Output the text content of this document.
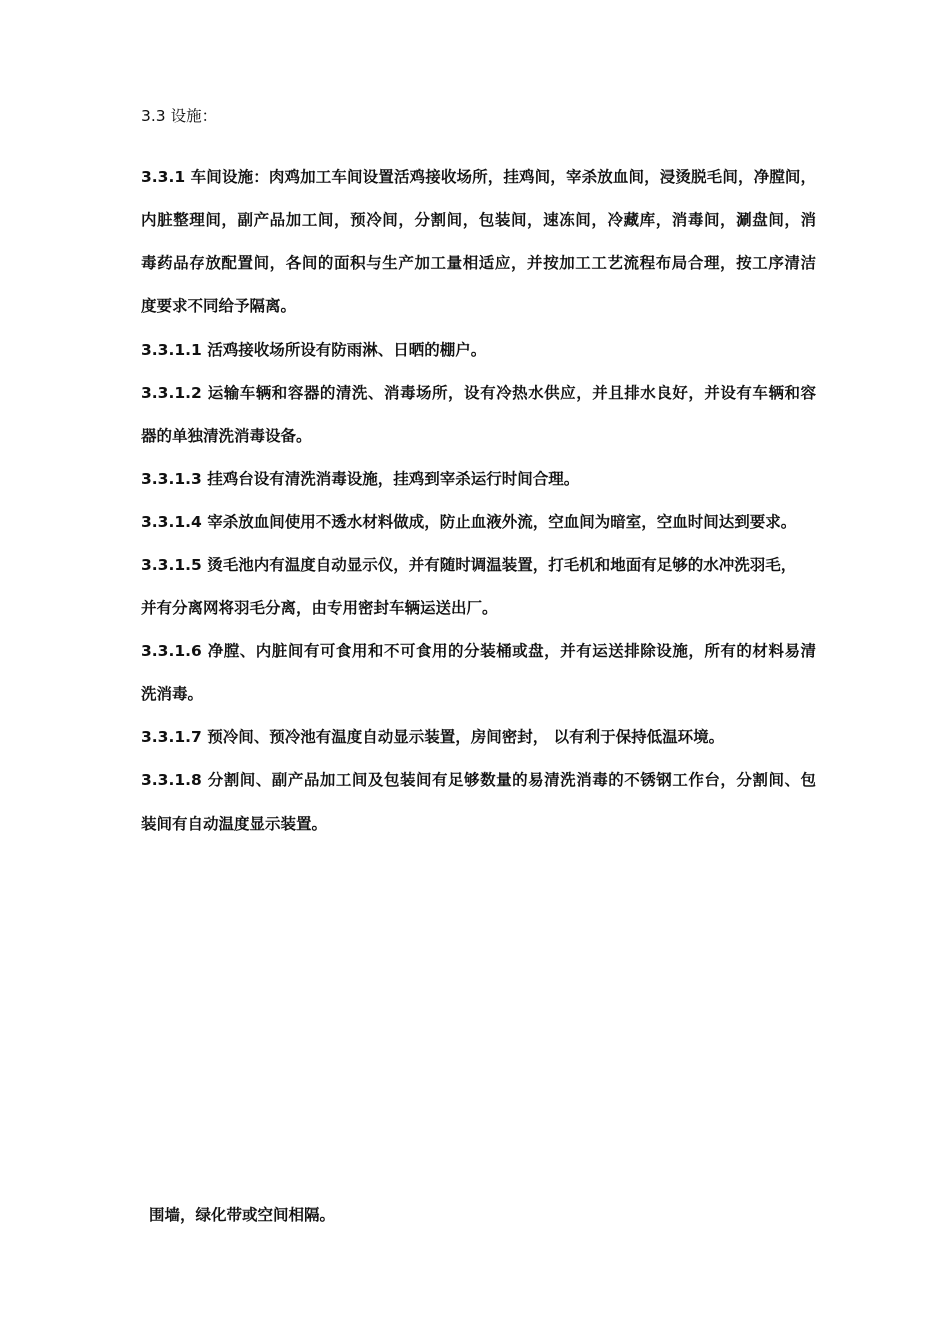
3.3 设施：
3.3.1 车间设施：肉鸡加工车间设置活鸡接收场所，挂鸡间，宰杀放血间，浸烫脱毛间，净膛间，
内脏整理间，副产品加工间，预冷间，分割间，包装间，速冻间，冷藏库，消毒间，涮盘间，消
毒药品存放配置间，各间的面积与生产加工量相适应，并按加工工艺流程布局合理，按工序清洁
度要求不同给予隔离。
3.3.1.1 活鸡接收场所设有防雨淋、日晒的棚户。
3.3.1.2 运输车辆和容器的清洗、消毒场所，设有冷热水供应，并且排水良好，并设有车辆和容
器的单独清洗消毒设备。
3.3.1.3 挂鸡台设有清洗消毒设施，挂鸡到宰杀运行时间合理。
3.3.1.4 宰杀放血间使用不透水材料做成，防止血液外流，空血间为暗室，空血时间达到要求。
3.3.1.5 烫毛池内有温度自动显示仪，并有随时调温装置，打毛机和地面有足够的水冲洗羽毛，
并有分离网将羽毛分离，由专用密封车辆运送出厂。
3.3.1.6 净膛、内脏间有可食用和不可食用的分装桶或盘，并有运送排除设施，所有的材料易清
洗消毒。
3.3.1.7 预冷间、预冷池有温度自动显示装置，房间密封， 以有利于保持低温环境。
3.3.1.8 分割间、副产品加工间及包装间有足够数量的易清洗消毒的不锈钢工作台，分割间、包
装间有自动温度显示装置。
围墙，绿化带或空间相隔。
